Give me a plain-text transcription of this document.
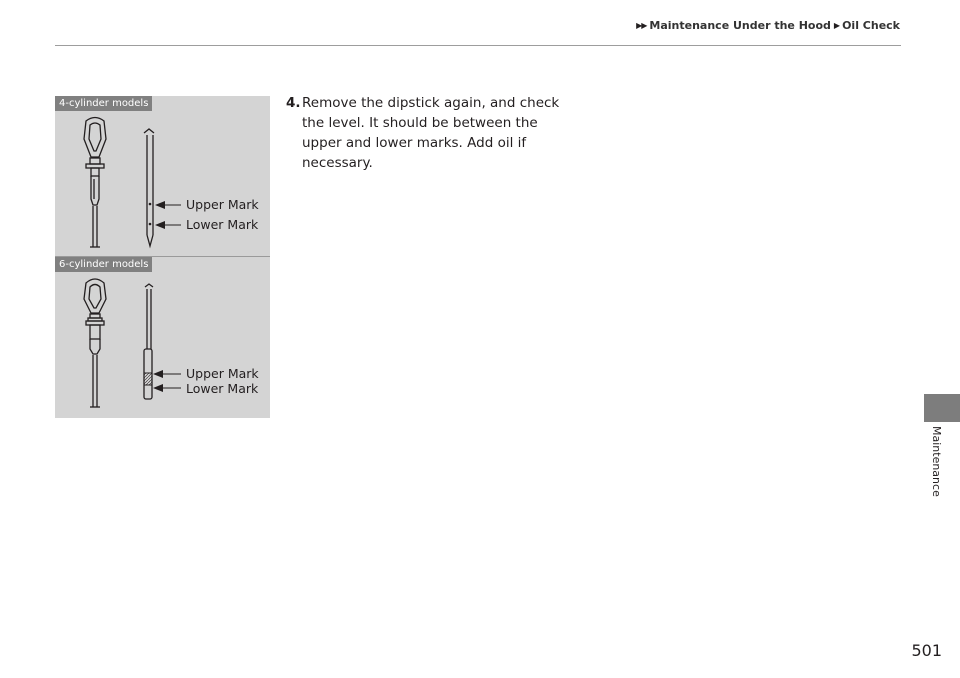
▶▶ Maintenance Under the Hood ▶ Oil Check
Maintenance
4-cylinder models
Upper Mark
Lower Mark
6-cylinder models
Upper Mark
Lower Mark
4. Remove the dipstick again, and check the level. It should be between the upper and lower marks. Add oil if necessary.
501
